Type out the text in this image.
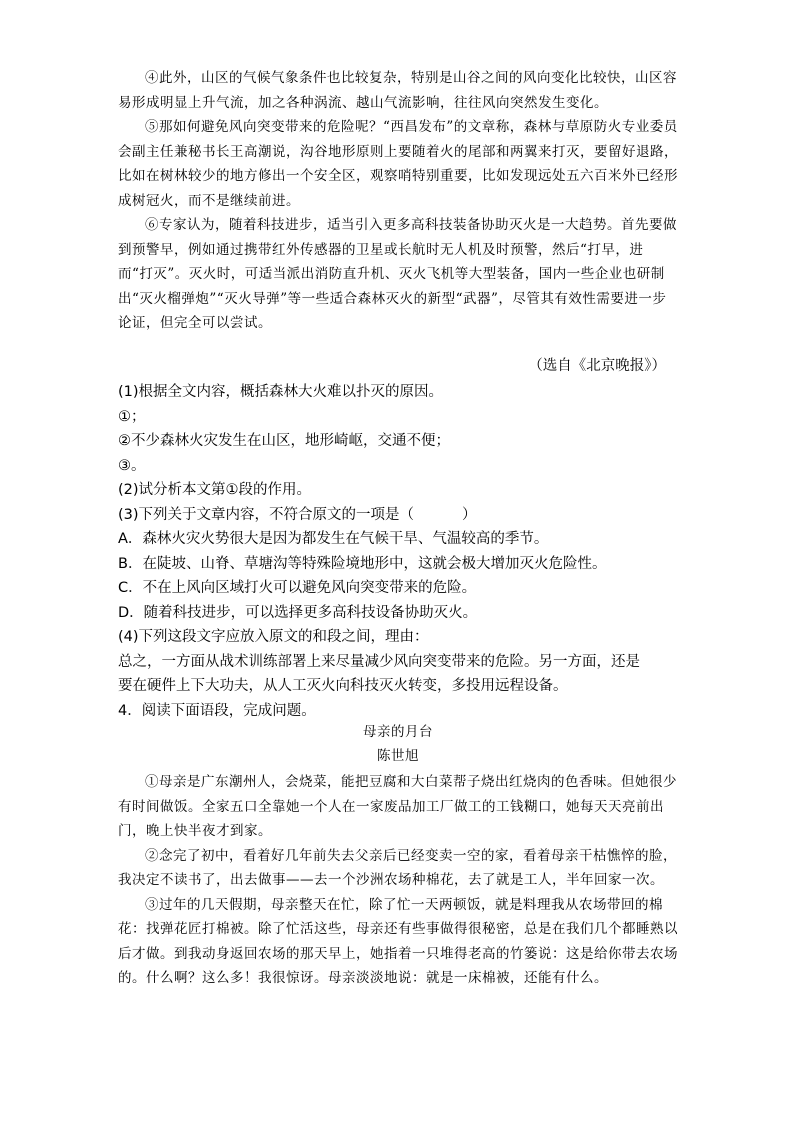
④此外，山区的气候气象条件也比较复杂，特别是山谷之间的风向变化比较快，山区容易形成明显上升气流，加之各种涡流、越山气流影响，往往风向突然发生变化。

⑤那如何避免风向突变带来的危险呢？“西昌发布”的文章称，森林与草原防火专业委员会副主任兼秘书长王高潮说，沟谷地形原则上要随着火的尾部和两翼来打灭，要留好退路，比如在树林较少的地方修出一个安全区，观察哨特别重要，比如发现远处五六百米外已经形成树冠火，而不是继续前进。

⑥专家认为，随着科技进步，适当引入更多高科技装备协助灭火是一大趋势。首先要做到预警早，例如通过携带红外传感器的卫星或长航时无人机及时预警，然后“打早，进而“打灭”。灭火时，可适当派出消防直升机、灭火飞机等大型装备，国内一些企业也研制出“灭火榴弹炮”“灭火导弹”等一些适合森林灭火的新型“武器”，尽管其有效性需要进一步论证，但完全可以尝试。

（选自《北京晚报》）

(1)根据全文内容，概括森林大火难以扑灭的原因。

①；

②不少森林火灾发生在山区，地形崎岖，交通不便；

③。

(2)试分析本文第①段的作用。

(3)下列关于文章内容，不符合原文的一项是（	）

A．森林火灾火势很大是因为都发生在气候干旱、气温较高的季节。

B．在陡坡、山脊、草塘沟等特殊险境地形中，这就会极大增加灭火危险性。

C．不在上风向区域打火可以避免风向突变带来的危险。

D．随着科技进步，可以选择更多高科技设备协助灭火。

(4)下列这段文字应放入原文的和段之间，理由：

总之，一方面从战术训练部署上来尽量减少风向突变带来的危险。另一方面，还是

要在硬件上下大功夫，从人工灭火向科技灭火转变，多投用远程设备。

4．阅读下面语段，完成问题。

母亲的月台
陈世旭

①母亲是广东潮州人，会烧菜，能把豆腐和大白菜帮子烧出红烧肉的色香味。但她很少有时间做饭。全家五口全靠她一个人在一家废品加工厂做工的工钱糊口，她每天天亮前出门，晚上快半夜才到家。

②念完了初中，看着好几年前失去父亲后已经变卖一空的家，看着母亲干枯憔悴的脸，我决定不读书了，出去做事——去一个沙洲农场种棉花，去了就是工人，半年回家一次。

③过年的几天假期，母亲整天在忙，除了忙一天两顿饭，就是料理我从农场带回的棉花：找弹花匠打棉被。除了忙活这些，母亲还有些事做得很秘密，总是在我们几个都睡熟以后才做。到我动身返回农场的那天早上，她指着一只堆得老高的竹篓说：这是给你带去农场的。什么啊？这么多！我很惊讶。母亲淡淡地说：就是一床棉被，还能有什么。
